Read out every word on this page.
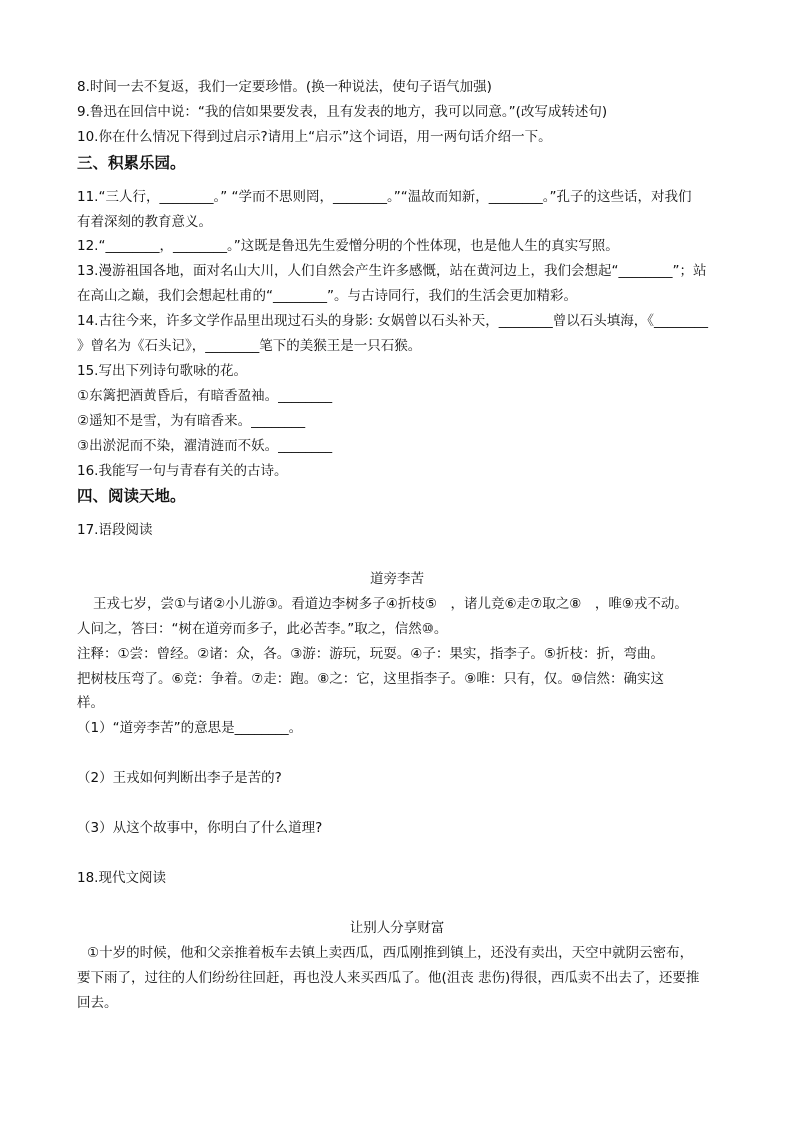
8.时间一去不复返，我们一定要珍惜。(换一种说法，使句子语气加强)
9.鲁迅在回信中说：“我的信如果要发表，且有发表的地方，我可以同意。”(改写成转述句)
10.你在什么情况下得到过启示?请用上“启示”这个词语，用一两句话介绍一下。
三、积累乐园。
11.“三人行，________。” “学而不思则罔，________。”“温故而知新，________。”孔子的这些话，对我们
有着深刻的教育意义。
12.“________，________。”这既是鲁迅先生爱憎分明的个性体现，也是他人生的真实写照。
13.漫游祖国各地，面对名山大川，人们自然会产生许多感慨，站在黄河边上，我们会想起“________”；站
在高山之巅，我们会想起杜甫的“________”。与古诗同行，我们的生活会更加精彩。
14.古往今来，许多文学作品里出现过石头的身影: 女娲曾以石头补天，________曾以石头填海，《________
》曾名为《石头记》，________笔下的美猴王是一只石猴。
15.写出下列诗句歌咏的花。
①东篱把酒黄昏后，有暗香盈袖。________
②遥知不是雪，为有暗香来。________
③出淤泥而不染，濯清涟而不妖。________
16.我能写一句与青春有关的古诗。
四、阅读天地。
17.语段阅读
道旁李苦
王戎七岁，尝①与诸②小儿游③。看道边李树多子④折枝⑤　，诸儿竞⑥走⑦取之⑧　，唯⑨戎不动。
人问之，答曰：“树在道旁而多子，此必苦李。”取之，信然⑩。
注释：①尝：曾经。②诸：众，各。③游：游玩，玩耍。④子：果实，指李子。⑤折枝：折，弯曲。
把树枝压弯了。⑥竞：争着。⑦走：跑。⑧之：它，这里指李子。⑨唯：只有，仅。⑩信然：确实这
样。
（1）“道旁李苦”的意思是________。
（2）王戎如何判断出李子是苦的?
（3）从这个故事中，你明白了什么道理?
18.现代文阅读
让别人分享财富
①十岁的时候，他和父亲推着板车去镇上卖西瓜，西瓜刚推到镇上，还没有卖出，天空中就阴云密布，
要下雨了，过往的人们纷纷往回赶，再也没人来买西瓜了。他(沮丧 悲伤)得很，西瓜卖不出去了，还要推
回去。
